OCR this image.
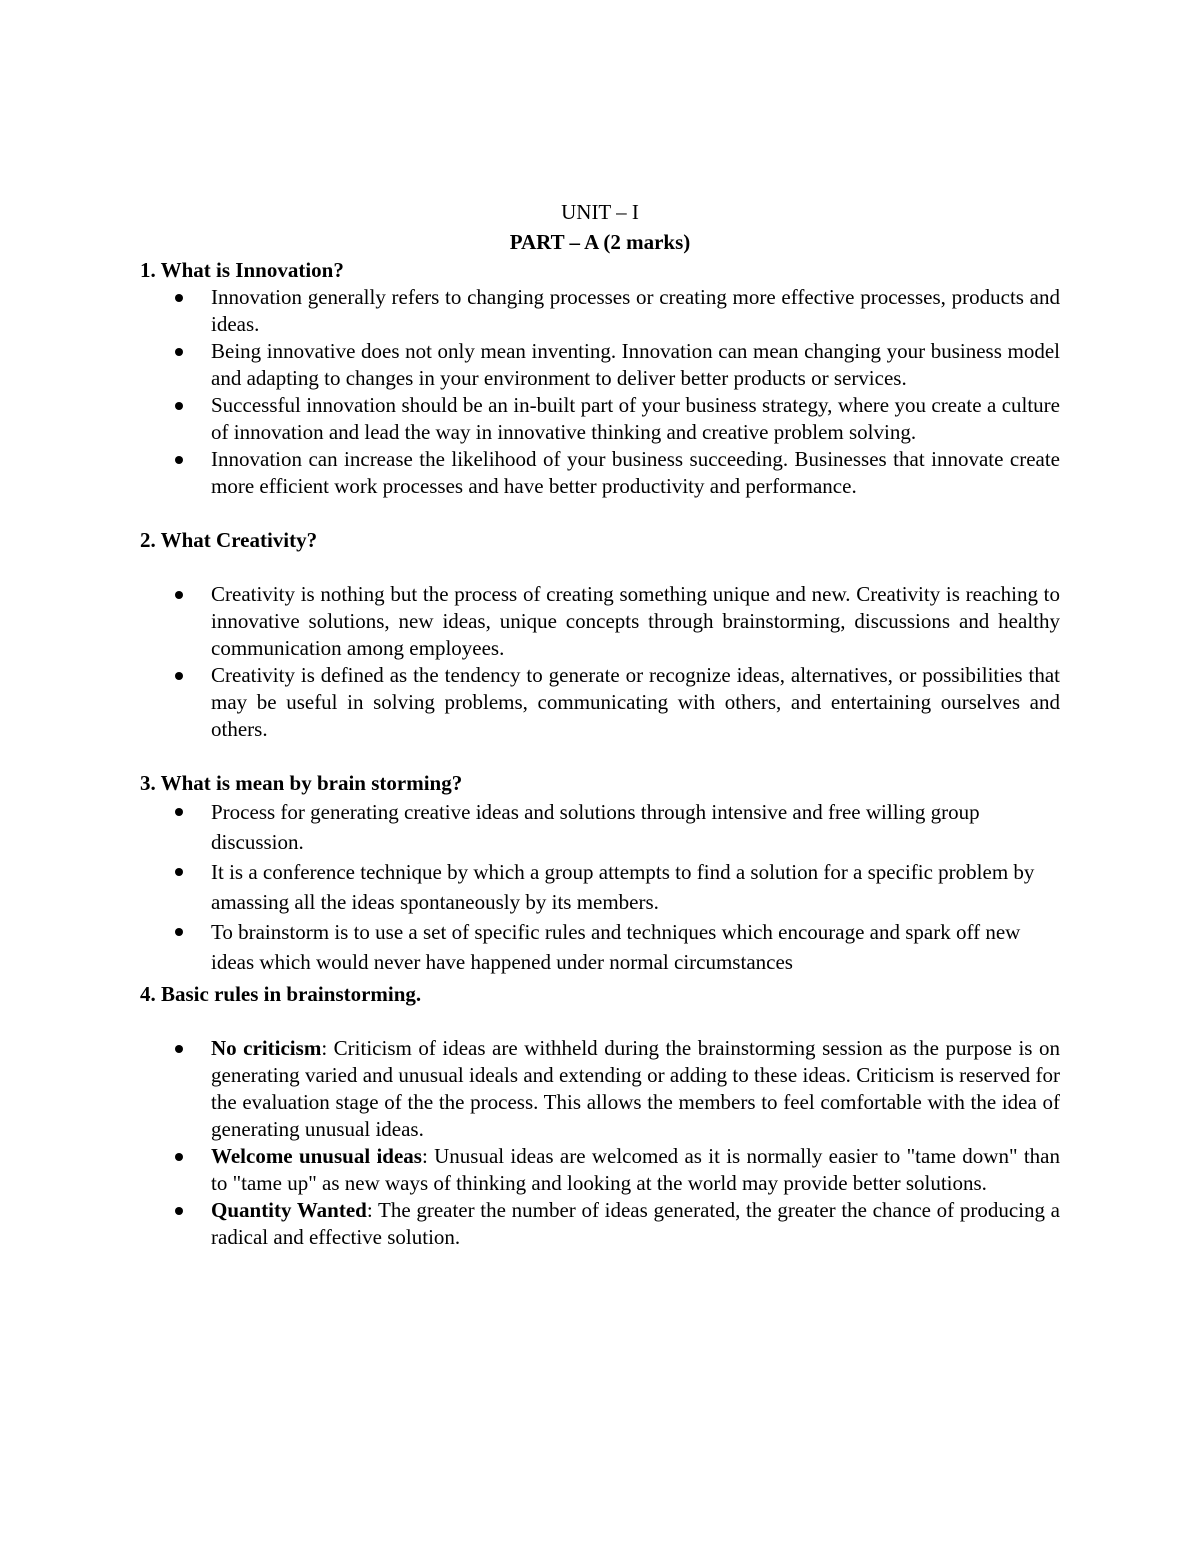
UNIT – I
PART – A (2 marks)
1. What is Innovation?
Innovation generally refers to changing processes or creating more effective processes, products and ideas.
Being innovative does not only mean inventing. Innovation can mean changing your business model and adapting to changes in your environment to deliver better products or services.
Successful innovation should be an in-built part of your business strategy, where you create a culture of innovation and lead the way in innovative thinking and creative problem solving.
Innovation can increase the likelihood of your business succeeding. Businesses that innovate create more efficient work processes and have better productivity and performance.
2. What Creativity?
Creativity is nothing but the process of creating something unique and new. Creativity is reaching to innovative solutions, new ideas, unique concepts through brainstorming, discussions and healthy communication among employees.
Creativity is defined as the tendency to generate or recognize ideas, alternatives, or possibilities that may be useful in solving problems, communicating with others, and entertaining ourselves and others.
3. What is mean by brain storming?
Process for generating creative ideas and solutions through intensive and free willing group discussion.
It is a conference technique by which a group attempts to find a solution for a specific problem by amassing all the ideas spontaneously by its members.
To brainstorm is to use a set of specific rules and techniques which encourage and spark off new ideas which would never have happened under normal circumstances
4. Basic rules in brainstorming.
No criticism: Criticism of ideas are withheld during the brainstorming session as the purpose is on generating varied and unusual ideals and extending or adding to these ideas. Criticism is reserved for the evaluation stage of the the process. This allows the members to feel comfortable with the idea of generating unusual ideas.
Welcome unusual ideas: Unusual ideas are welcomed as it is normally easier to "tame down" than to "tame up" as new ways of thinking and looking at the world may provide better solutions.
Quantity Wanted: The greater the number of ideas generated, the greater the chance of producing a radical and effective solution.
